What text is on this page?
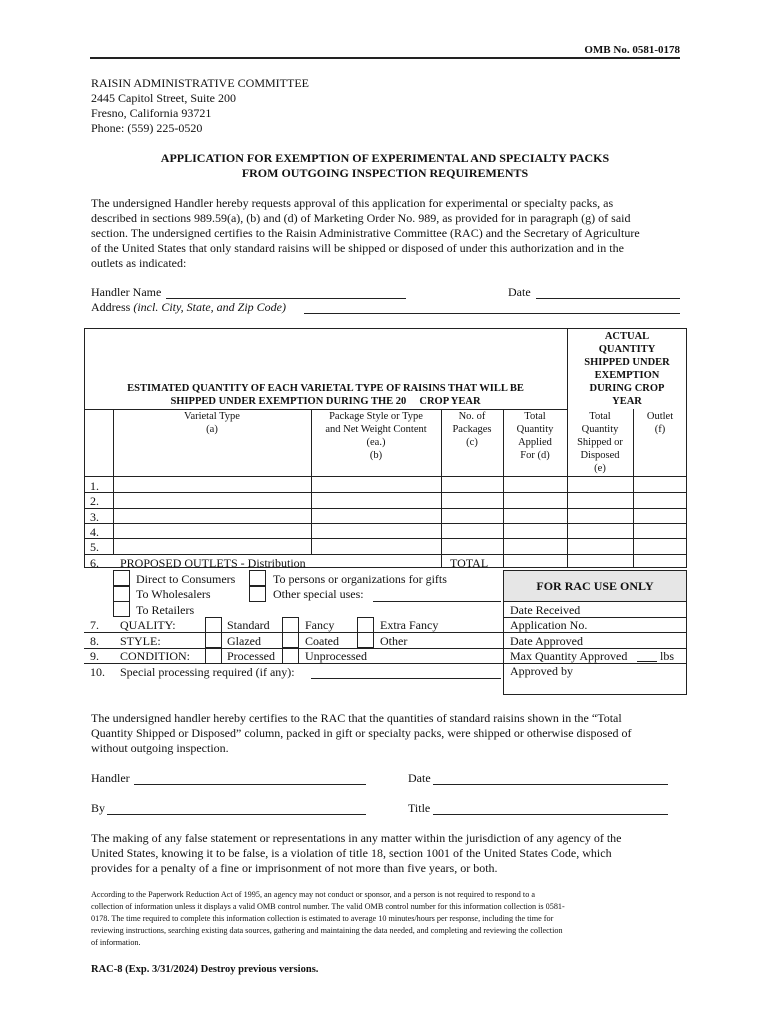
OMB No. 0581-0178
RAISIN ADMINISTRATIVE COMMITTEE
2445 Capitol Street, Suite 200
Fresno, California 93721
Phone: (559) 225-0520
APPLICATION FOR EXEMPTION OF EXPERIMENTAL AND SPECIALTY PACKS
FROM OUTGOING INSPECTION REQUIREMENTS
The undersigned Handler hereby requests approval of this application for experimental or specialty packs, as
described in sections 989.59(a), (b) and (d) of Marketing Order No. 989, as provided for in paragraph (g) of said
section. The undersigned certifies to the Raisin Administrative Committee (RAC) and the Secretary of Agriculture
of the United States that only standard raisins will be shipped or disposed of under this authorization and in the
outlets as indicated:
Handler Name	Date
Address (incl. City, State, and Zip Code)
ESTIMATED QUANTITY OF EACH VARIETAL TYPE OF RAISINS THAT WILL BE
SHIPPED UNDER EXEMPTION DURING THE 20 CROP YEAR
ACTUAL
QUANTITY
SHIPPED UNDER
EXEMPTION
DURING CROP
YEAR
Varietal Type
(a)
Package Style or Type
and Net Weight Content
(ea.)
(b)
No. of
Packages
(c)
Total
Quantity
Applied
For (d)
Total
Quantity
Shipped or
Disposed
(e)
Outlet
(f)
1.
2.
3.
4.
5.
6. PROPOSED OUTLETS - Distribution	TOTAL
Direct to Consumers
To Wholesalers
To Retailers
To persons or organizations for gifts
Other special uses:
FOR RAC USE ONLY
Date Received
Application No.
Date Approved
Max Quantity Approved	lbs
Approved by
7. QUALITY:	Standard	Fancy	Extra Fancy
8. STYLE:	Glazed	Coated	Other
9. CONDITION:	Processed	Unprocessed
10. Special processing required (if any):
The undersigned handler hereby certifies to the RAC that the quantities of standard raisins shown in the “Total
Quantity Shipped or Disposed” column, packed in gift or specialty packs, were shipped or otherwise disposed of
without outgoing inspection.
Handler	Date
By	Title
The making of any false statement or representations in any matter within the jurisdiction of any agency of the
United States, knowing it to be false, is a violation of title 18, section 1001 of the United States Code, which
provides for a penalty of a fine or imprisonment of not more than five years, or both.
According to the Paperwork Reduction Act of 1995, an agency may not conduct or sponsor, and a person is not required to respond to a
collection of information unless it displays a valid OMB control number. The valid OMB control number for this information collection is 0581-
0178. The time required to complete this information collection is estimated to average 10 minutes/hours per response, including the time for
reviewing instructions, searching existing data sources, gathering and maintaining the data needed, and completing and reviewing the collection
of information.
RAC-8 (Exp. 3/31/2024) Destroy previous versions.
